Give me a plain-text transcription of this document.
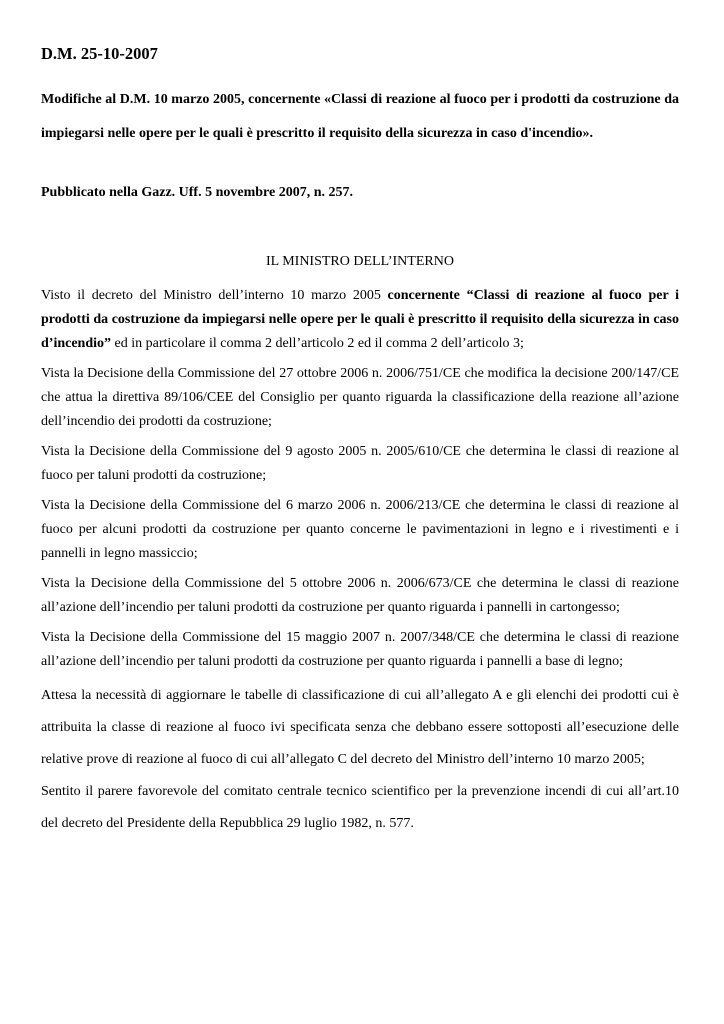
D.M. 25-10-2007
Modifiche al D.M. 10 marzo 2005, concernente «Classi di reazione al fuoco per i prodotti da costruzione da impiegarsi nelle opere per le quali è prescritto il requisito della sicurezza in caso d'incendio».
Pubblicato nella Gazz. Uff. 5 novembre 2007, n. 257.
IL MINISTRO DELL’INTERNO

Visto il decreto del Ministro dell’interno 10 marzo 2005 concernente “Classi di reazione al fuoco per i prodotti da costruzione da impiegarsi nelle opere per le quali è prescritto il requisito della sicurezza in caso d’incendio” ed in particolare il comma 2 dell’articolo 2 ed il comma 2 dell’articolo 3;

Vista la Decisione della Commissione del 27 ottobre 2006 n. 2006/751/CE che modifica la decisione 200/147/CE che attua la direttiva 89/106/CEE del Consiglio per quanto riguarda la classificazione della reazione all’azione dell’incendio dei prodotti da costruzione;

Vista la Decisione della Commissione del 9 agosto 2005 n. 2005/610/CE che determina le classi di reazione al fuoco per taluni prodotti da costruzione;

Vista la Decisione della Commissione del 6 marzo 2006 n. 2006/213/CE che determina le classi di reazione al fuoco per alcuni prodotti da costruzione per quanto concerne le pavimentazioni in legno e i rivestimenti e i pannelli in legno massiccio;

Vista la Decisione della Commissione del 5 ottobre 2006 n. 2006/673/CE che determina le classi di reazione all’azione dell’incendio per taluni prodotti da costruzione per quanto riguarda i pannelli in cartongesso;

Vista la Decisione della Commissione del 15 maggio 2007 n. 2007/348/CE che determina le classi di reazione all’azione dell’incendio per taluni prodotti da costruzione per quanto riguarda i pannelli a base di legno;

Attesa la necessità di aggiornare le tabelle di classificazione di cui all’allegato A e gli elenchi dei prodotti cui è attribuita la classe di reazione al fuoco ivi specificata senza che debbano essere sottoposti all’esecuzione delle relative prove di reazione al fuoco di cui all’allegato C del decreto del Ministro dell’interno 10 marzo 2005;

Sentito il parere favorevole del comitato centrale tecnico scientifico per la prevenzione incendi di cui all’art.10 del decreto del Presidente della Repubblica 29 luglio 1982, n. 577.
